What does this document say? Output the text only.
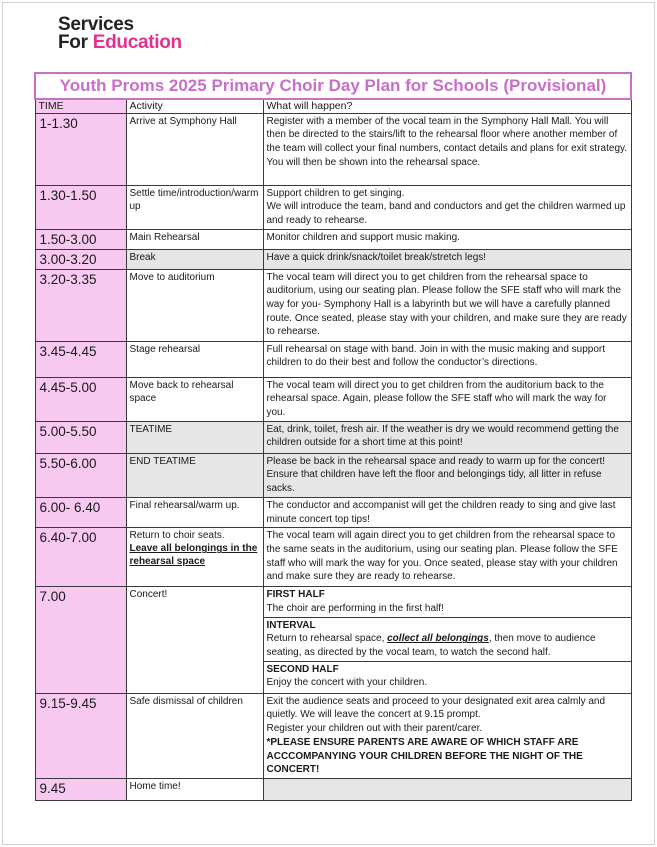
Services
For Education
Youth Proms 2025 Primary Choir Day Plan for Schools (Provisional)		
TIME	Activity	What will happen?
1-1.30	Arrive at Symphony Hall	Register with a member of the vocal team in the Symphony Hall Mall. You will then be directed to the stairs/lift to the rehearsal floor where another member of the team will collect your final numbers, contact details and plans for exit strategy. You will then be shown into the rehearsal space.
1.30-1.50	Settle time/introduction/warm up	Support children to get singing.
We will introduce the team, band and conductors and get the children warmed up and ready to rehearse.

1.50-3.00	Main Rehearsal	Monitor children and support music making.
3.00-3.20	Break	Have a quick drink/snack/toilet break/stretch legs!
3.20-3.35	Move to auditorium	The vocal team will direct you to get children from the rehearsal space to auditorium, using our seating plan. Please follow the SFE staff who will mark the way for you- Symphony Hall is a labyrinth but we will have a carefully planned route. Once seated, please stay with your children, and make sure they are ready to rehearse.
3.45-4.45	Stage rehearsal	Full rehearsal on stage with band. Join in with the music making and support children to do their best and follow the conductor’s directions.
4.45-5.00	Move back to rehearsal space	The vocal team will direct you to get children from the auditorium back to the rehearsal space. Again, please follow the SFE staff who will mark the way for you.
5.00-5.50	TEATIME	Eat, drink, toilet, fresh air. If the weather is dry we would recommend getting the children outside for a short time at this point!
5.50-6.00	END TEATIME	Please be back in the rehearsal space and ready to warm up for the concert! Ensure that children have left the floor and belongings tidy, all litter in refuse sacks.
6.00- 6.40	Final rehearsal/warm up.	The conductor and accompanist will get the children ready to sing and give last minute concert top tips!
6.40-7.00	Return to choir seats.
Leave all belongings in the rehearsal space	The vocal team will again direct you to get children from the rehearsal space to the same seats in the auditorium, using our seating plan. Please follow the SFE staff who will mark the way for you. Once seated, please stay with your children and make sure they are ready to rehearse.
7.00	Concert!	FIRST HALF
The choir are performing in the first half!

		INTERVAL
Return to rehearsal space, collect all belongings, then move to audience seating, as directed by the vocal team, to watch the second half.

		SECOND HALF
Enjoy the concert with your children.

9.15-9.45	Safe dismissal of children	Exit the audience seats and proceed to your designated exit area calmly and quietly. We will leave the concert at 9.15 prompt.
Register your children out with their parent/carer.
*PLEASE ENSURE PARENTS ARE AWARE OF WHICH STAFF ARE ACCCOMPANYING YOUR CHILDREN BEFORE THE NIGHT OF THE CONCERT!

9.45	Home time!	
